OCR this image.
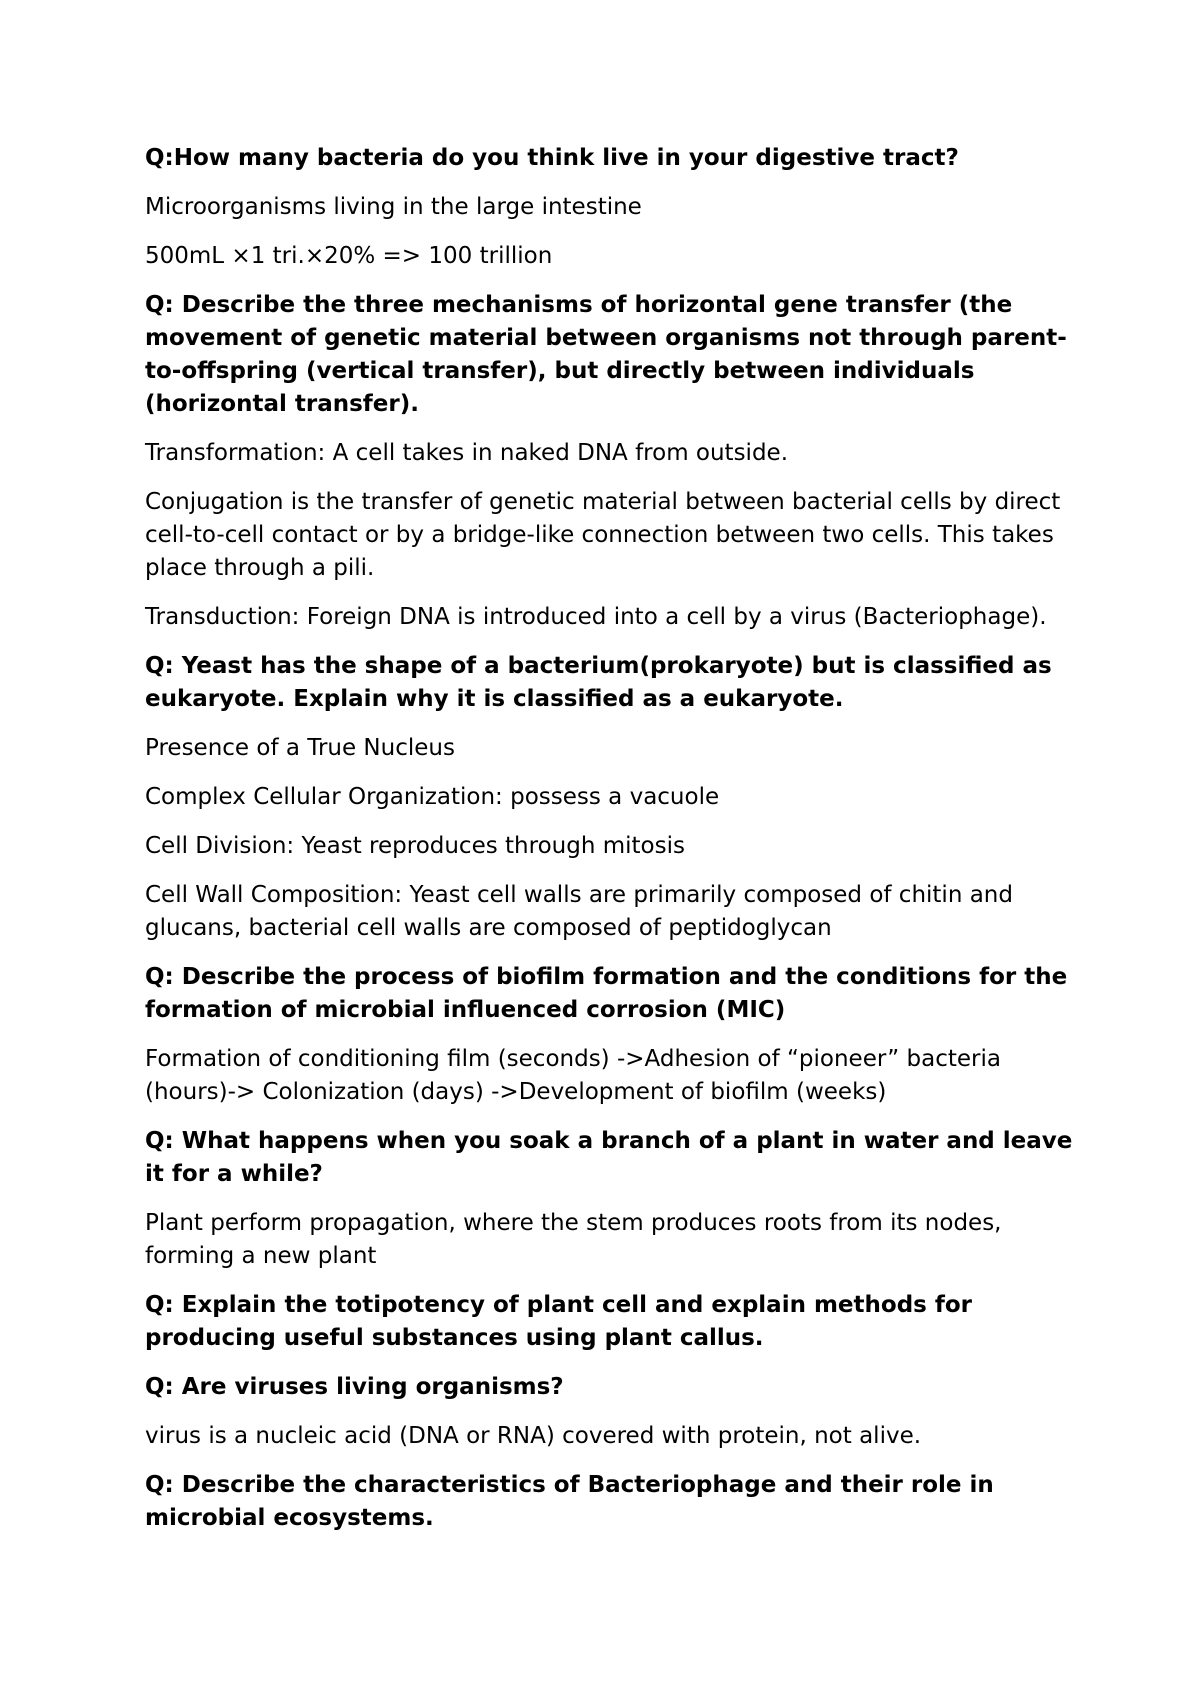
Q:How many bacteria do you think live in your digestive tract?

Microorganisms living in the large intestine

500mL ×1 tri.×20% => 100 trillion

Q: Describe the three mechanisms of horizontal gene transfer (the movement of genetic material between organisms not through parent-to-offspring (vertical transfer), but directly between individuals (horizontal transfer).

Transformation: A cell takes in naked DNA from outside.

Conjugation is the transfer of genetic material between bacterial cells by direct cell-to-cell contact or by a bridge-like connection between two cells. This takes place through a pili.

Transduction: Foreign DNA is introduced into a cell by a virus (Bacteriophage).

Q: Yeast has the shape of a bacterium(prokaryote) but is classified as eukaryote. Explain why it is classified as a eukaryote.

Presence of a True Nucleus

Complex Cellular Organization: possess a vacuole

Cell Division: Yeast reproduces through mitosis

Cell Wall Composition: Yeast cell walls are primarily composed of chitin and glucans, bacterial cell walls are composed of peptidoglycan

Q: Describe the process of biofilm formation and the conditions for the formation of microbial influenced corrosion (MIC)

Formation of conditioning film (seconds) ->Adhesion of “pioneer” bacteria (hours)-> Colonization (days) ->Development of biofilm (weeks)

Q: What happens when you soak a branch of a plant in water and leave it for a while?

Plant perform propagation, where the stem produces roots from its nodes, forming a new plant

Q: Explain the totipotency of plant cell and explain methods for producing useful substances using plant callus.

Q: Are viruses living organisms?

virus is a nucleic acid (DNA or RNA) covered with protein, not alive.

Q: Describe the characteristics of Bacteriophage and their role in microbial ecosystems.
